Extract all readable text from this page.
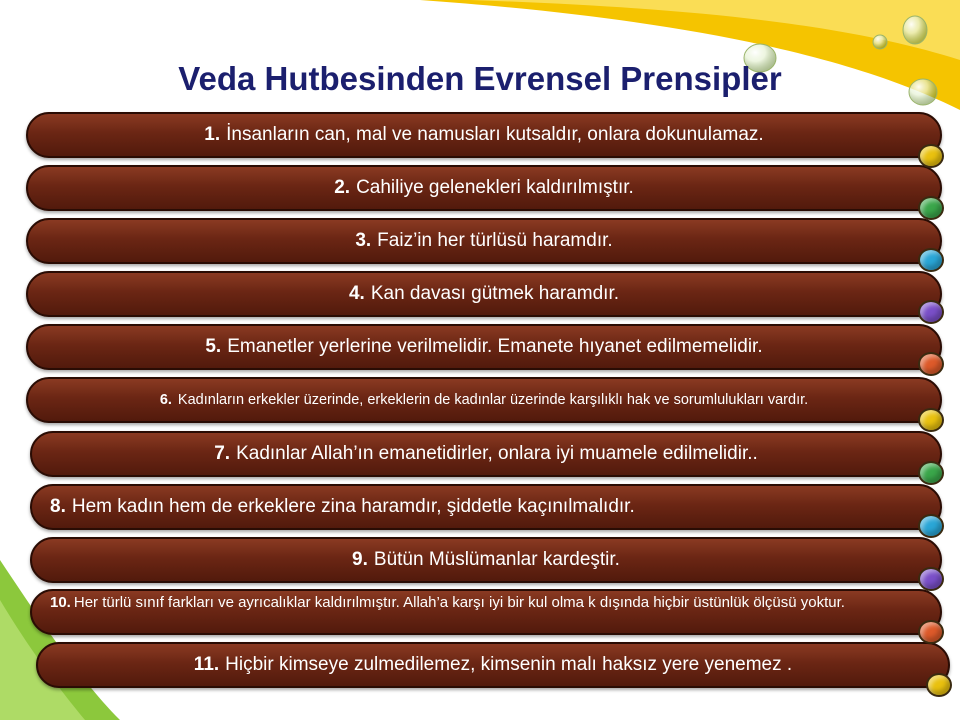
Veda Hutbesinden Evrensel Prensipler
1. İnsanların can, mal ve namusları kutsaldır, onlara dokunulamaz.
2. Cahiliye gelenekleri kaldırılmıştır.
3. Faiz’in her türlüsü haramdır.
4. Kan davası gütmek haramdır.
5. Emanetler yerlerine verilmelidir. Emanete hıyanet edilmemelidir.
6. Kadınların erkekler üzerinde, erkeklerin de kadınlar üzerinde karşılıklı hak ve sorumlulukları vardır.
7. Kadınlar Allah’ın emanetidirler, onlara iyi muamele edilmelidir..
8. Hem kadın hem de erkeklere zina haramdır, şiddetle kaçınılmalıdır.
9. Bütün Müslümanlar kardeştir.
10. Her türlü sınıf farkları ve ayrıcalıklar kaldırılmıştır. Allah’a karşı iyi bir kul olma k dışında hiçbir üstünlük ölçüsü yoktur.
11. Hiçbir kimseye zulmedilemez, kimsenin malı haksız yere yenemez .
